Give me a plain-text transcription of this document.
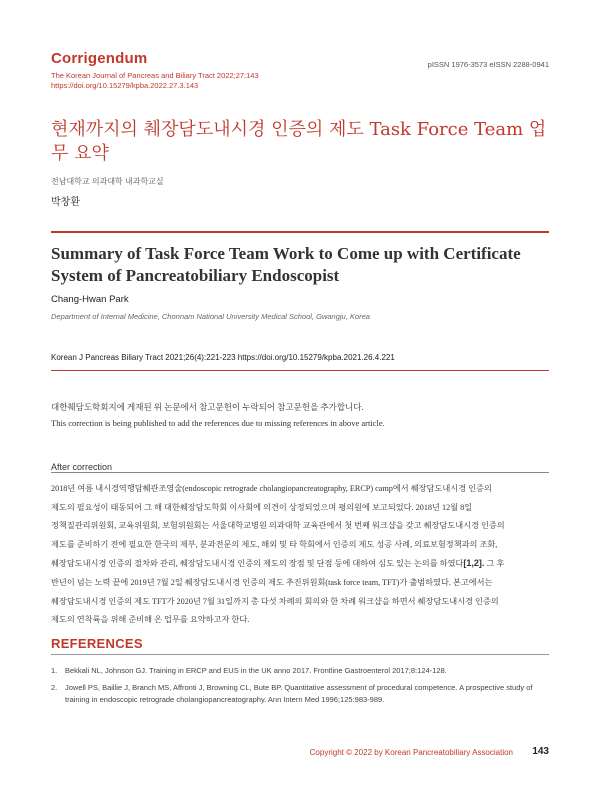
Corrigendum
The Korean Journal of Pancreas and Biliary Tract 2022;27:143
https://doi.org/10.15279/kpba.2022.27.3.143
pISSN 1976-3573 eISSN 2288-0941
현재까지의 췌장담도내시경 인증의 제도 Task Force Team 업무 요약
전남대학교 의과대학 내과학교실
박창환
Summary of Task Force Team Work to Come up with Certificate System of Pancreatobiliary Endoscopist
Chang-Hwan Park
Department of Internal Medicine, Chonnam National University Medical School, Gwangju, Korea
Korean J Pancreas Biliary Tract 2021;26(4):221-223 https://doi.org/10.15279/kpba.2021.26.4.221
대한췌담도학회지에 게재된 위 논문에서 참고문헌이 누락되어 참고문헌을 추가합니다.
This correction is being published to add the references due to missing references in above article.
After correction
2018년 여름 내시경역행담췌관조영술(endoscopic retrograde cholangiopancreatography, ERCP) camp에서 췌장담도내시경 인증의
제도의 필요성이 태동되어 그 해 대한췌장담도학회 이사회에 의견이 상정되었으며 평의원에 보고되었다. 2018년 12월 8일
정책질관리위원회, 교육위원회, 보험위원회는 서울대학교병원 의과대학 교육관에서 첫 번째 워크샵을 갖고 췌장담도내시경 인증의
제도를 준비하기 전에 필요한 한국의 제부, 분과전문의 제도, 해외 및 타 학회에서 인증의 제도 성공 사례, 의료보험정책과의 조화,
췌장담도내시경 인증의 절차와 관리, 췌장담도내시경 인증의 제도의 장점 및 단점 등에 대하여 심도 있는 논의를 하였다[1,2]. 그 후
반년이 넘는 노력 끝에 2019년 7월 2일 췌장담도내시경 인증의 제도 추진위원회(task force team, TFT)가 출범하였다. 본고에서는
췌장담도내시경 인증의 제도 TFT가 2020년 7월 31일까지 총 다섯 차례의 회의와 한 차례 워크샵을 하면서 췌장담도내시경 인증의
제도의 연착륙을 위해 준비해 온 업무를 요약하고자 한다.
REFERENCES
1. Bekkali NL, Johnson GJ. Training in ERCP and EUS in the UK anno 2017. Frontline Gastroenterol 2017;8:124-128.
2. Jowell PS, Baillie J, Branch MS, Affronti J, Browning CL, Bute BP. Quantitative assessment of procedural competence. A prospective study of training in endoscopic retrograde cholangiopancreatography. Ann Intern Med 1996;125:983-989.
Copyright © 2022 by Korean Pancreatobiliary Association 143
